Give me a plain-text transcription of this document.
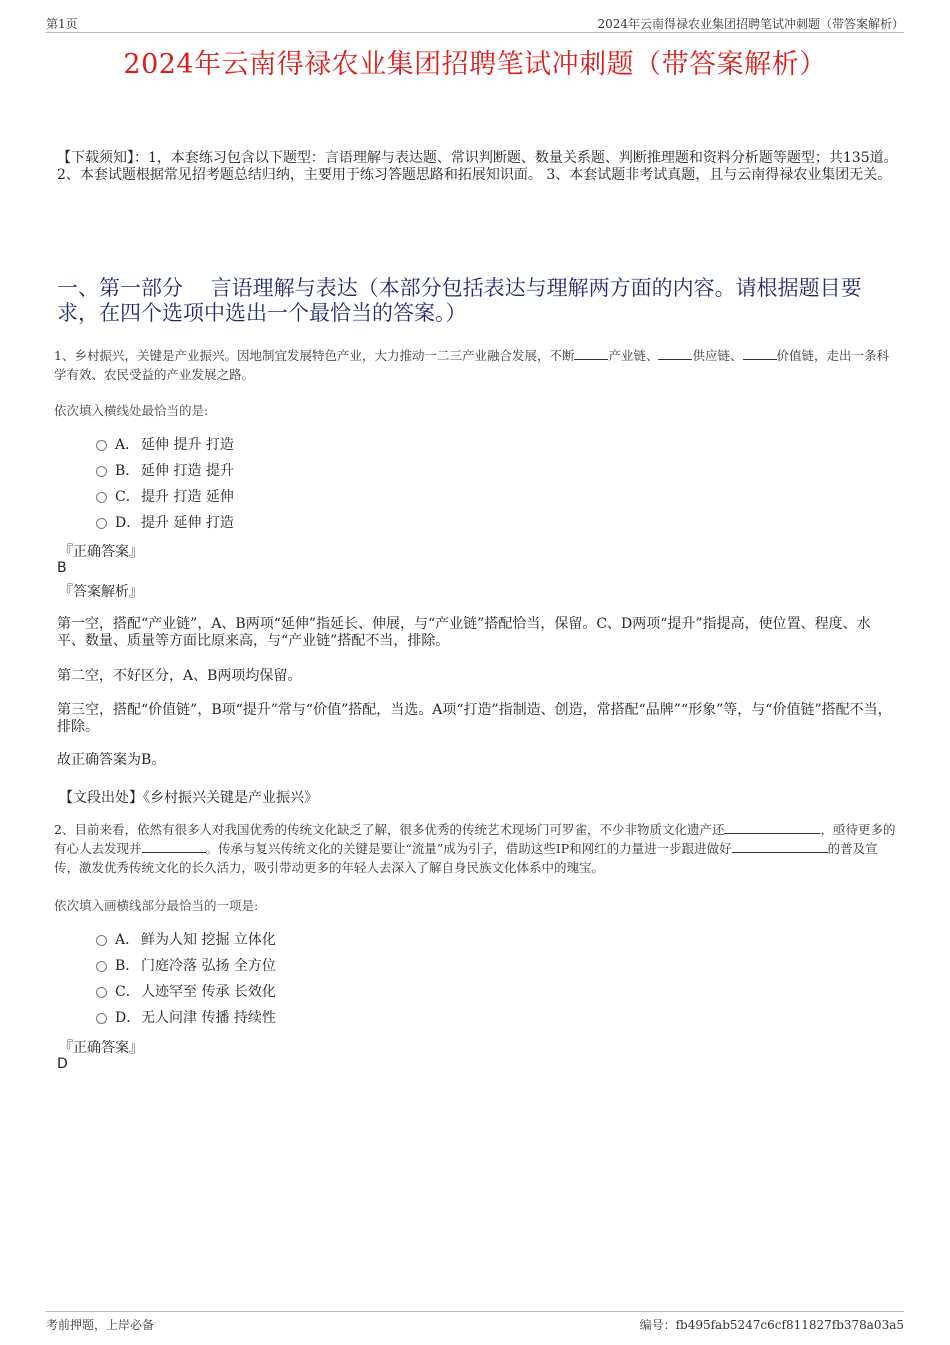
第1页	2024年云南得禄农业集团招聘笔试冲刺题（带答案解析）
2024年云南得禄农业集团招聘笔试冲刺题（带答案解析）
【下载须知】：1，本套练习包含以下题型：言语理解与表达题、常识判断题、数量关系题、判断推理题和资料分析题等题型；共135道。 2、本套试题根据常见招考题总结归纳，主要用于练习答题思路和拓展知识面。 3、本套试题非考试真题，且与云南得禄农业集团无关。
一、第一部分　 言语理解与表达（本部分包括表达与理解两方面的内容。请根据题目要求，在四个选项中选出一个最恰当的答案。）
1、乡村振兴，关键是产业振兴。因地制宜发展特色产业，大力推动一二三产业融合发展，不断	产业链、	供应链、	价值链，走出一条科学有效、农民受益的产业发展之路。
依次填入横线处最恰当的是:
A． 延伸 提升 打造
B． 延伸 打造 提升
C．提升 打造 延伸
D．提升 延伸 打造
『正确答案』
B
『答案解析』
第一空，搭配“产业链”，A、B两项“延伸”指延长、伸展，与“产业链”搭配恰当，保留。C、D两项“提升”指提高，使位置、程度、水平、数量、质量等方面比原来高，与“产业链”搭配不当，排除。
第二空，不好区分，A、B两项均保留。
第三空，搭配“价值链”，B项“提升”常与“价值”搭配，当选。A项“打造”指制造、创造，常搭配“品牌”“形象”等，与“价值链”搭配不当，排除。
故正确答案为B。
【文段出处】《乡村振兴关键是产业振兴》
2、目前来看，依然有很多人对我国优秀的传统文化缺乏了解，很多优秀的传统艺术现场门可罗雀，不少非物质文化遗产还	，亟待更多的有心人去发现并	。传承与复兴传统文化的关键是要让“流量”成为引子，借助这些IP和网红的力量进一步跟进做好	的普及宣传，激发优秀传统文化的长久活力，吸引带动更多的年轻人去深入了解自身民族文化体系中的瑰宝。
依次填入画横线部分最恰当的一项是:
A． 鲜为人知 挖掘 立体化
B． 门庭冷落 弘扬 全方位
C．人迹罕至 传承 长效化
D．无人问津 传播 持续性
『正确答案』
D
考前押题，上岸必备	编号：fb495fab5247c6cf811827fb378a03a5
